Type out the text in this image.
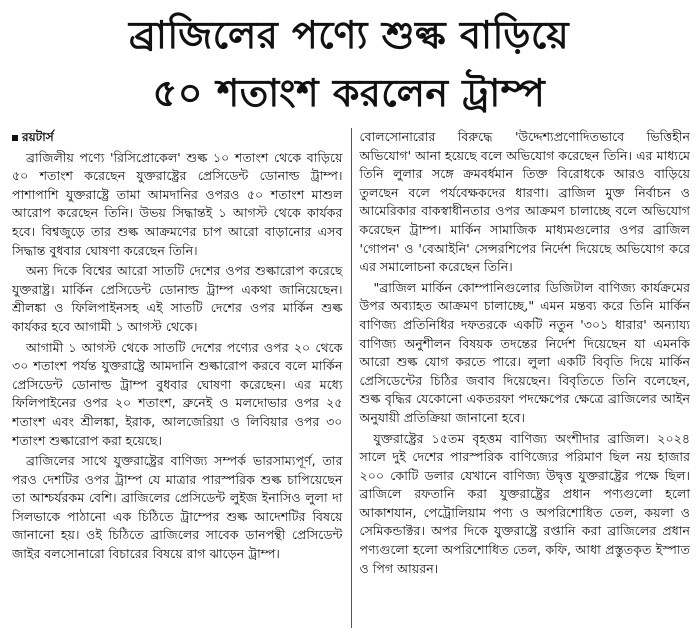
ব্রাজিলের পণ্যে শুল্ক বাড়িয়ে
৫০ শতাংশ করলেন ট্রাম্প
রয়টার্স

ব্রাজিলীয় পণ্যে 'রিসিপ্রোকেল' শুল্ক ১০ শতাংশ থেকে বাড়িয়ে ৫০ শতাংশ করেছেন যুক্তরাষ্ট্রের প্রেসিডেন্ট ডোনাল্ড ট্রাম্প। পাশাপাশি যুক্তরাষ্ট্রে তামা আমদানির ওপরও ৫০ শতাংশ মাশুল আরোপ করেছেন তিনি। উভয় সিদ্ধান্তই ১ আগস্ট থেকে কার্যকর হবে। বিশ্বজুড়ে তার শুল্ক আক্রমণের চাপ আরো বাড়ানোর এসব সিদ্ধান্ত বুধবার ঘোষণা করেছেন তিনি।

অন্য দিকে বিশ্বের আরো সাতটি দেশের ওপর শুল্কারোপ করেছে যুক্তরাষ্ট্র। মার্কিন প্রেসিডেন্ট ডোনাল্ড ট্রাম্প একথা জানিয়েছেন। শ্রীলঙ্কা ও ফিলিপাইনসহ এই সাতটি দেশের ওপর মার্কিন শুল্ক কার্যকর হবে আগামী ১ আগস্ট থেকে।

আগামী ১ আগস্ট থেকে সাতটি দেশের পণ্যের ওপর ২০ থেকে ৩০ শতাংশ পর্যন্ত যুক্তরাষ্ট্রে আমদানি শুল্কারোপ করবে বলে মার্কিন প্রেসিডেন্ট ডোনাল্ড ট্রাম্প বুধবার ঘোষণা করেছেন। এর মধ্যে ফিলিপাইনের ওপর ২০ শতাংশ, ব্রুনেই ও মলদোভার ওপর ২৫ শতাংশ এবং শ্রীলঙ্কা, ইরাক, আলজেরিয়া ও লিবিয়ার ওপর ৩০ শতাংশ শুল্কারোপ করা হয়েছে।

ব্রাজিলের সাথে যুক্তরাষ্ট্রের বাণিজ্য সম্পর্ক ভারসাম্যপূর্ণ, তার পরও দেশটির ওপর ট্রাম্প যে মাত্রার পারস্পরিক শুল্ক চাপিয়েছেন তা আশ্চর্যরকম বেশি। ব্রাজিলের প্রেসিডেন্ট লুইজ ইনাসিও লুলা দা সিলভাকে পাঠানো এক চিঠিতে ট্রাম্পের শুল্ক আদেশটির বিষয়ে জানানো হয়। ওই চিঠিতে ব্রাজিলের সাবেক ডানপন্থী প্রেসিডেন্ট জাইর বলসোনারো বিচারের বিষয়ে রাগ ঝাড়েন ট্রাম্প।

বোলসোনারোর বিরুদ্ধে 'উদ্দেশ্যপ্রণোদিতভাবে ভিত্তিহীন অভিযোগ' আনা হয়েছে বলে অভিযোগ করেছেন তিনি। এর মাধ্যমে তিনি লুলার সঙ্গে ক্রমবর্ধমান তিক্ত বিরোধকে আরও বাড়িয়ে তুলছেন বলে পর্যবেক্ষকদের ধারণা। ব্রাজিল মুক্ত নির্বাচন ও আমেরিকার বাকস্বাধীনতার ওপর আক্রমণ চালাচ্ছে বলে অভিযোগ করেছেন ট্রাম্প। মার্কিন সামাজিক মাধ্যমগুলোর ওপর ব্রাজিল 'গোপন' ও 'বেআইনি' সেন্সরশিপের নির্দেশ দিয়েছে অভিযোগ করে এর সমালোচনা করেছেন তিনি।

"ব্রাজিল মার্কিন কোম্পানিগুলোর ডিজিটাল বাণিজ্য কার্যক্রমের উপর অব্যাহত আক্রমণ চালাচ্ছে," এমন মন্তব্য করে তিনি মার্কিন বাণিজ্য প্রতিনিধির দফতরকে একটি নতুন '৩০১ ধারার' অন্যায্য বাণিজ্য অনুশীলন বিষয়ক তদন্তের নির্দেশ দিয়েছেন যা এমনকি আরো শুল্ক যোগ করতে পারে। লুলা একটি বিবৃতি দিয়ে মার্কিন প্রেসিডেন্টের চিঠির জবাব দিয়েছেন। বিবৃতিতে তিনি বলেছেন, শুল্ক বৃদ্ধির যেকোনো একতরফা পদক্ষেপের ক্ষেত্রে ব্রাজিলের আইন অনুযায়ী প্রতিক্রিয়া জানানো হবে।

যুক্তরাষ্ট্রের ১৫তম বৃহত্তম বাণিজ্য অংশীদার ব্রাজিল। ২০২৪ সালে দুই দেশের পারস্পরিক বাণিজ্যের পরিমাণ ছিল নয় হাজার ২০০ কোটি ডলার যেখানে বাণিজ্য উদ্বৃত্ত যুক্তরাষ্ট্রের পক্ষে ছিল। ব্রাজিলে রফতানি করা যুক্তরাষ্ট্রের প্রধান পণ্যগুলো হলো আকাশযান, পেট্রোলিয়াম পণ্য ও অপরিশোধিত তেল, কয়লা ও সেমিকন্ডাক্টর। অপর দিকে যুক্তরাষ্ট্রে রপ্তানি করা ব্রাজিলের প্রধান পণ্যগুলো হলো অপরিশোধিত তেল, কফি, আধা প্রস্তুতকৃত ইস্পাত ও পিগ আয়রন।
